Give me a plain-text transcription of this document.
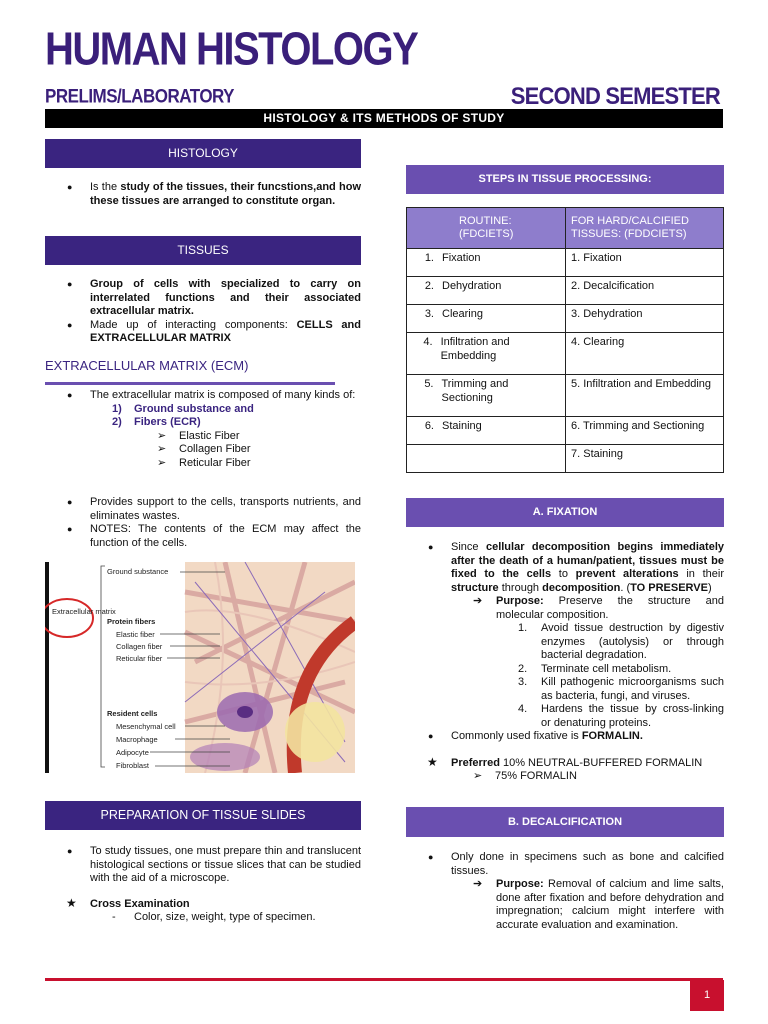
HUMAN HISTOLOGY
PRELIMS/LABORATORY	SECOND SEMESTER
HISTOLOGY & ITS METHODS OF STUDY
HISTOLOGY
● Is the study of the tissues, their funcstions,and how these tissues are arranged to constitute organ.
TISSUES
● Group of cells with specialized to carry on interrelated functions and their associated extracellular matrix.
● Made up of interacting components: CELLS and EXTRACELLULAR MATRIX
EXTRACELLULAR MATRIX (ECM)
● The extracellular matrix is composed of many kinds of:
1) Ground substance and
2) Fibers (ECR)
➢ Elastic Fiber
➢ Collagen Fiber
➢ Reticular Fiber
● Provides support to the cells, transports nutrients, and eliminates wastes.
● NOTES: The contents of the ECM may affect the function of the cells.
Extracellular matrix
Ground substance
Protein fibers
Elastic fiber
Collagen fiber
Reticular fiber
Resident cells
Mesenchymal cell
Macrophage
Adipocyte
Fibroblast
PREPARATION OF TISSUE SLIDES
● To study tissues, one must prepare thin and translucent histological sections or tissue slices that can be studied with the aid of a microscope.
★ Cross Examination
- Color, size, weight, type of specimen.
STEPS IN TISSUE PROCESSING:
ROUTINE: (FDCIETS)	FOR HARD/CALCIFIED TISSUES: (FDDCIETS)
1. Fixation	1. Fixation
2. Dehydration	2. Decalcification
3. Clearing	3. Dehydration

4. Infiltration and Embedding	4. Clearing

5. Trimming and Sectioning	5. Infiltration and Embedding
6. Staining	6. Trimming and Sectioning
	7. Staining
A. FIXATION
● Since cellular decomposition begins immediately after the death of a human/patient, tissues must be fixed to the cells to prevent alterations in their structure through decomposition. (TO PRESERVE)
➔ Purpose: Preserve the structure and molecular composition.
1.	Avoid tissue destruction by digestiv enzymes (autolysis) or through bacterial degradation.
2.	Terminate cell metabolism.
3.	Kill pathogenic microorganisms such as bacteria, fungi, and viruses.
4.	Hardens the tissue by cross-linking or denaturing proteins.
● Commonly used fixative is FORMALIN.
★ Preferred 10% NEUTRAL-BUFFERED FORMALIN
➢ 75% FORMALIN
B. DECALCIFICATION
● Only done in specimens such as bone and calcified tissues.
➔ Purpose: Removal of calcium and lime salts, done after fixation and before dehydration and impregnation; calcium might interfere with accurate evaluation and examination.
1
